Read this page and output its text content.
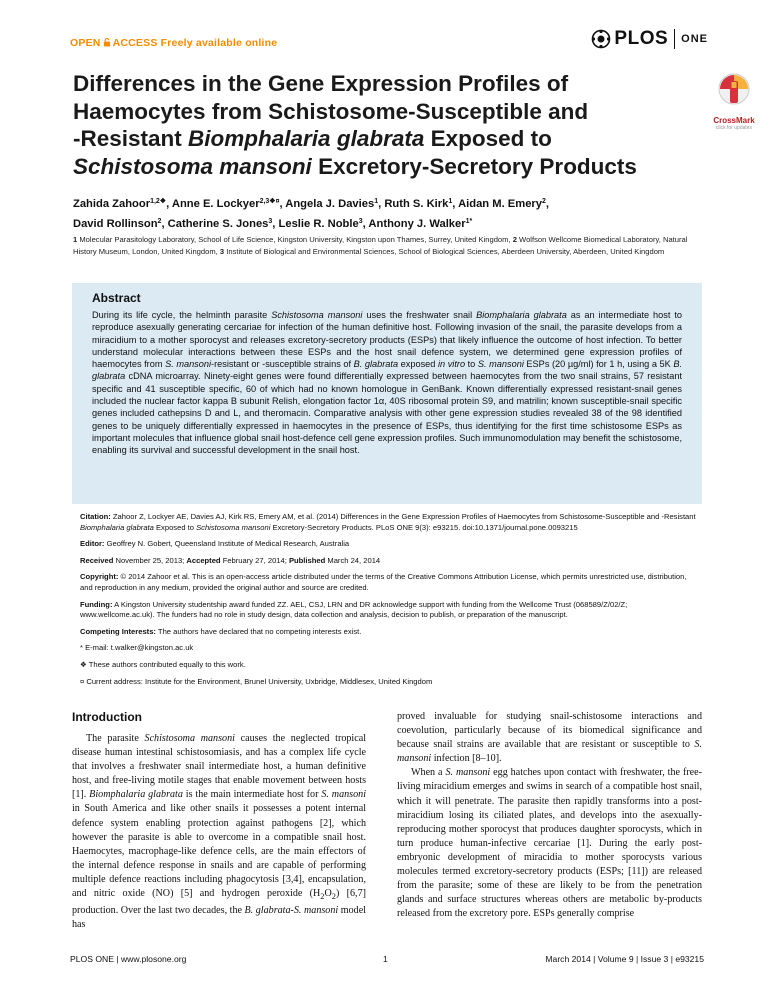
OPEN ACCESS Freely available online	PLOS ONE
Differences in the Gene Expression Profiles of
Haemocytes from Schistosome-Susceptible and
-Resistant Biomphalaria glabrata Exposed to
Schistosoma mansoni Excretory-Secretory Products
CrossMark
click for updates
Zahida Zahoor$^{1,2❖}$, Anne E. Lockyer$^{2,3❖¤}$, Angela J. Davies$^1$, Ruth S. Kirk$^1$, Aidan M. Emery$^2$,
David Rollinson$^2$, Catherine S. Jones$^3$, Leslie R. Noble$^3$, Anthony J. Walker$^{1*}$
1 Molecular Parasitology Laboratory, School of Life Science, Kingston University, Kingston upon Thames, Surrey, United Kingdom, 2 Wolfson Wellcome Biomedical Laboratory, Natural History Museum, London, United Kingdom, 3 Institute of Biological and Environmental Sciences, School of Biological Sciences, Aberdeen University, Aberdeen, United Kingdom
Abstract

During its life cycle, the helminth parasite Schistosoma mansoni uses the freshwater snail Biomphalaria glabrata as an intermediate host to reproduce asexually generating cercariae for infection of the human definitive host. Following invasion of the snail, the parasite develops from a miracidium to a mother sporocyst and releases excretory-secretory products (ESPs) that likely influence the outcome of host infection. To better understand molecular interactions between these ESPs and the host snail defence system, we determined gene expression profiles of haemocytes from S. mansoni-resistant or -susceptible strains of B. glabrata exposed in vitro to S. mansoni ESPs (20 µg/ml) for 1 h, using a 5K B. glabrata cDNA microarray. Ninety-eight genes were found differentially expressed between haemocytes from the two snail strains, 57 resistant specific and 41 susceptible specific, 60 of which had no known homologue in GenBank. Known differentially expressed resistant-snail genes included the nuclear factor kappa B subunit Relish, elongation factor 1α, 40S ribosomal protein S9, and matrilin; known susceptible-snail specific genes included cathepsins D and L, and theromacin. Comparative analysis with other gene expression studies revealed 38 of the 98 identified genes to be uniquely differentially expressed in haemocytes in the presence of ESPs, thus identifying for the first time schistosome ESPs as important molecules that influence global snail host-defence cell gene expression profiles. Such immunomodulation may benefit the schistosome, enabling its survival and successful development in the snail host.

Citation: Zahoor Z, Lockyer AE, Davies AJ, Kirk RS, Emery AM, et al. (2014) Differences in the Gene Expression Profiles of Haemocytes from Schistosome-Susceptible and -Resistant Biomphalaria glabrata Exposed to Schistosoma mansoni Excretory-Secretory Products. PLoS ONE 9(3): e93215. doi:10.1371/journal.pone.0093215
Editor: Geoffrey N. Gobert, Queensland Institute of Medical Research, Australia
Received November 25, 2013; Accepted February 27, 2014; Published March 24, 2014
Copyright: © 2014 Zahoor et al. This is an open-access article distributed under the terms of the Creative Commons Attribution License, which permits unrestricted use, distribution, and reproduction in any medium, provided the original author and source are credited.
Funding: A Kingston University studentship award funded ZZ. AEL, CSJ, LRN and DR acknowledge support with funding from the Wellcome Trust (068589/Z/02/Z; www.wellcome.ac.uk). The funders had no role in study design, data collection and analysis, decision to publish, or preparation of the manuscript.
Competing Interests: The authors have declared that no competing interests exist.
* E-mail: t.walker@kingston.ac.uk
❖ These authors contributed equally to this work.
¤ Current address: Institute for the Environment, Brunel University, Uxbridge, Middlesex, United Kingdom
Introduction

The parasite Schistosoma mansoni causes the neglected tropical disease human intestinal schistosomiasis, and has a complex life cycle that involves a freshwater snail intermediate host, a human definitive host, and free-living motile stages that enable movement between hosts [1]. Biomphalaria glabrata is the main intermediate host for S. mansoni in South America and like other snails it possesses a potent internal defence system enabling protection against pathogens [2], which however the parasite is able to overcome in a compatible snail host. Haemocytes, macrophage-like defence cells, are the main effectors of the internal defence response in snails and are capable of performing multiple defence reactions including phagocytosis [3,4], encapsulation, and nitric oxide (NO) [5] and hydrogen peroxide $(H_2O_2)$ [6,7] production. Over the last two decades, the B. glabrata-S. mansoni model has

proved invaluable for studying snail-schistosome interactions and coevolution, particularly because of its biomedical significance and because snail strains are available that are resistant or susceptible to S. mansoni infection [8–10].

When a S. mansoni egg hatches upon contact with freshwater, the free-living miracidium emerges and swims in search of a compatible host snail, which it will penetrate. The parasite then rapidly transforms into a post-miracidium losing its ciliated plates, and develops into the asexually-reproducing mother sporocyst that produces daughter sporocysts, which in turn produce human-infective cercariae [1]. During the early post-embryonic development of miracidia to mother sporocysts various molecules termed excretory-secretory products (ESPs; [11]) are released from the parasite; some of these are likely to be from the penetration glands and surface structures whereas others are metabolic by-products released from the excretory pore. ESPs generally comprise

PLOS ONE | www.plosone.org	1	March 2014 | Volume 9 | Issue 3 | e93215
